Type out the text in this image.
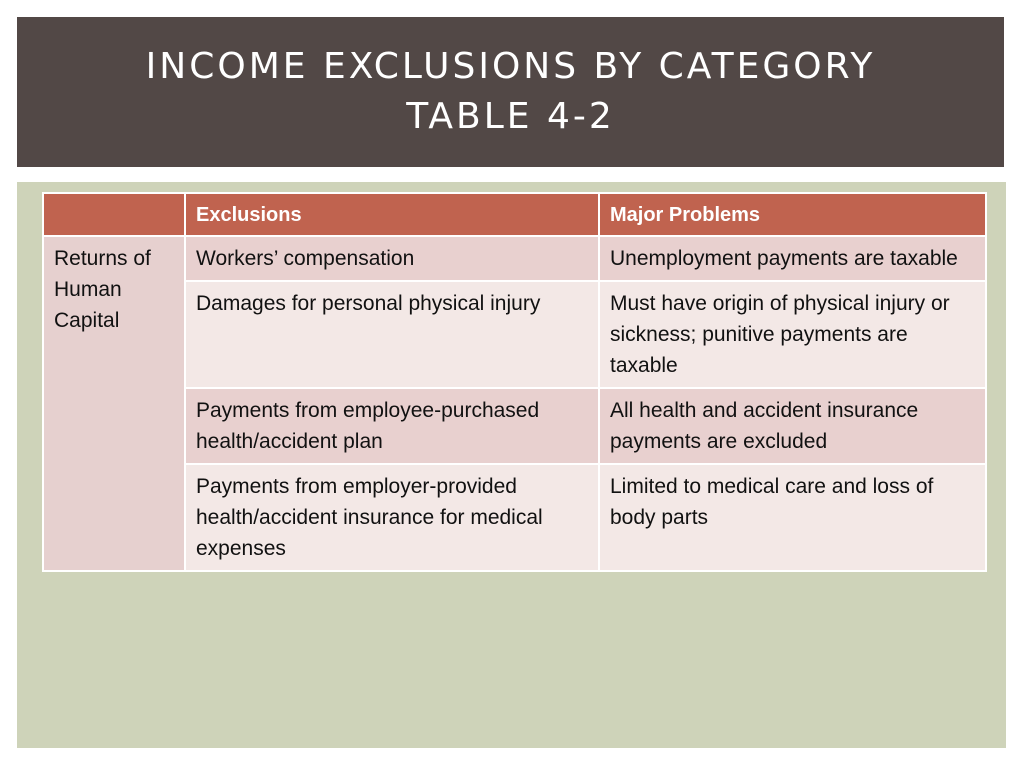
INCOME EXCLUSIONS BY CATEGORY
TABLE 4-2
	Exclusions	Major Problems
Returns of Human Capital	Workers’ compensation	Unemployment payments are taxable
	Damages for personal physical injury	Must have origin of physical injury or sickness; punitive payments are taxable
	Payments from employee-purchased health/accident plan	All health and accident insurance payments are excluded
	Payments from employer-provided health/accident insurance for medical expenses	Limited to medical care and loss of body parts
